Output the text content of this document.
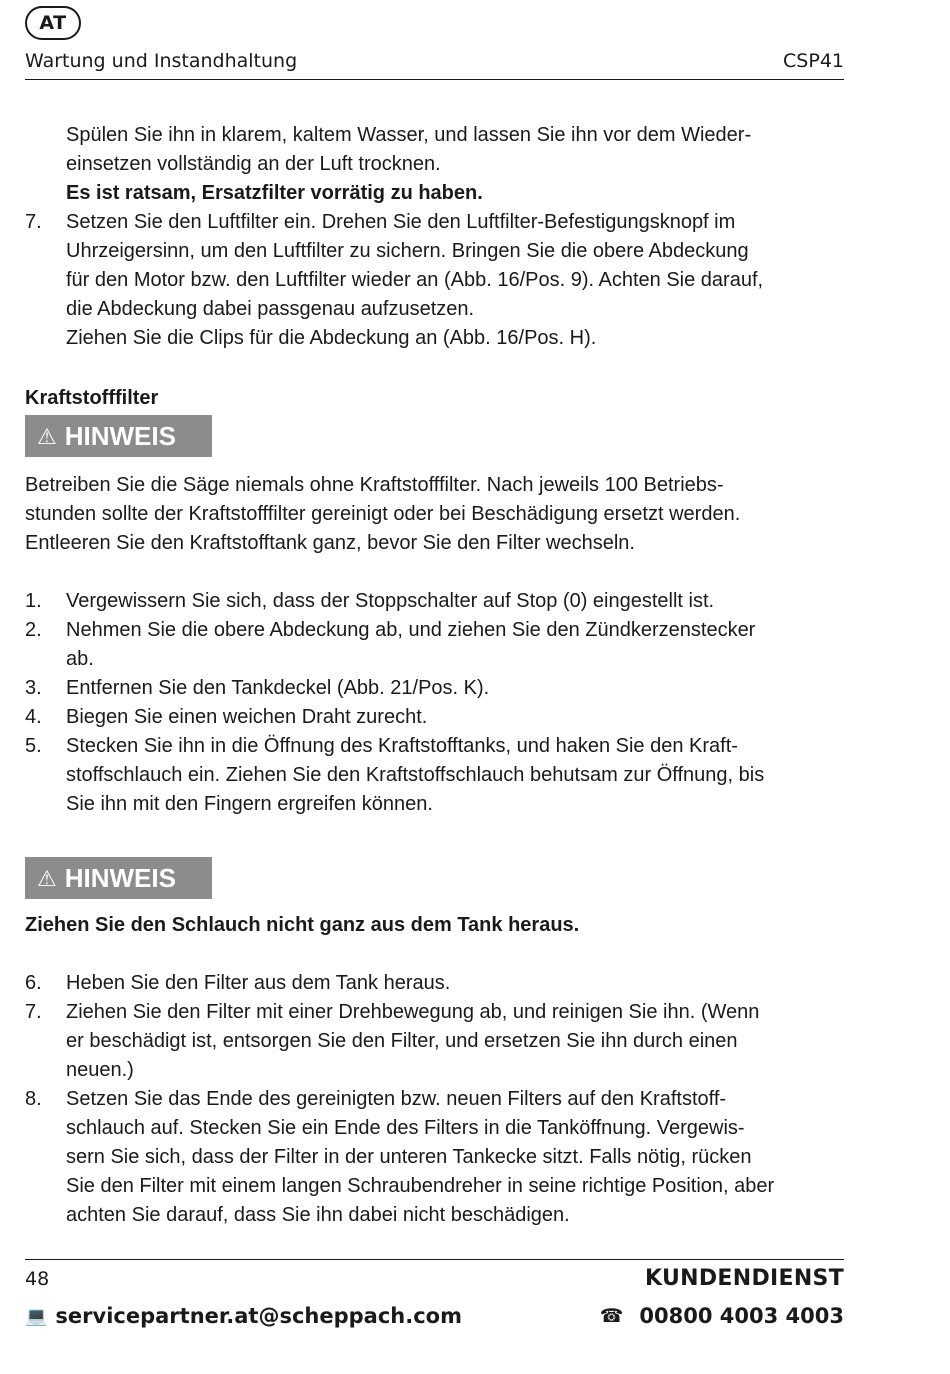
AT
Wartung und Instandhaltung	CSP41
Spülen Sie ihn in klarem, kaltem Wasser, und lassen Sie ihn vor dem Wieder-
einsetzen vollständig an der Luft trocknen.
Es ist ratsam, Ersatzfilter vorrätig zu haben.
7.	Setzen Sie den Luftfilter ein. Drehen Sie den Luftfilter-Befestigungsknopf im
Uhrzeigersinn, um den Luftfilter zu sichern. Bringen Sie die obere Abdeckung
für den Motor bzw. den Luftfilter wieder an (Abb. 16/Pos. 9). Achten Sie darauf,
die Abdeckung dabei passgenau aufzusetzen.
Ziehen Sie die Clips für die Abdeckung an (Abb. 16/Pos. H).
Kraftstofffilter
⚠ HINWEIS
Betreiben Sie die Säge niemals ohne Kraftstofffilter. Nach jeweils 100 Betriebs-
stunden sollte der Kraftstofffilter gereinigt oder bei Beschädigung ersetzt werden.
Entleeren Sie den Kraftstofftank ganz, bevor Sie den Filter wechseln.
1.	Vergewissern Sie sich, dass der Stoppschalter auf Stop (0) eingestellt ist.
2.	Nehmen Sie die obere Abdeckung ab, und ziehen Sie den Zündkerzenstecker
ab.
3.	Entfernen Sie den Tankdeckel (Abb. 21/Pos. K).
4.	Biegen Sie einen weichen Draht zurecht.
5.	Stecken Sie ihn in die Öffnung des Kraftstofftanks, und haken Sie den Kraft-
stoffschlauch ein. Ziehen Sie den Kraftstoffschlauch behutsam zur Öffnung, bis
Sie ihn mit den Fingern ergreifen können.
⚠ HINWEIS
Ziehen Sie den Schlauch nicht ganz aus dem Tank heraus.
6.	Heben Sie den Filter aus dem Tank heraus.
7.	Ziehen Sie den Filter mit einer Drehbewegung ab, und reinigen Sie ihn. (Wenn
er beschädigt ist, entsorgen Sie den Filter, und ersetzen Sie ihn durch einen
neuen.)
8.	Setzen Sie das Ende des gereinigten bzw. neuen Filters auf den Kraftstoff-
schlauch auf. Stecken Sie ein Ende des Filters in die Tanköffnung. Vergewis-
sern Sie sich, dass der Filter in der unteren Tankecke sitzt. Falls nötig, rücken
Sie den Filter mit einem langen Schraubendreher in seine richtige Position, aber
achten Sie darauf, dass Sie ihn dabei nicht beschädigen.
48	KUNDENDIENST
💻 servicepartner.at@scheppach.com	☎ 00800 4003 4003
